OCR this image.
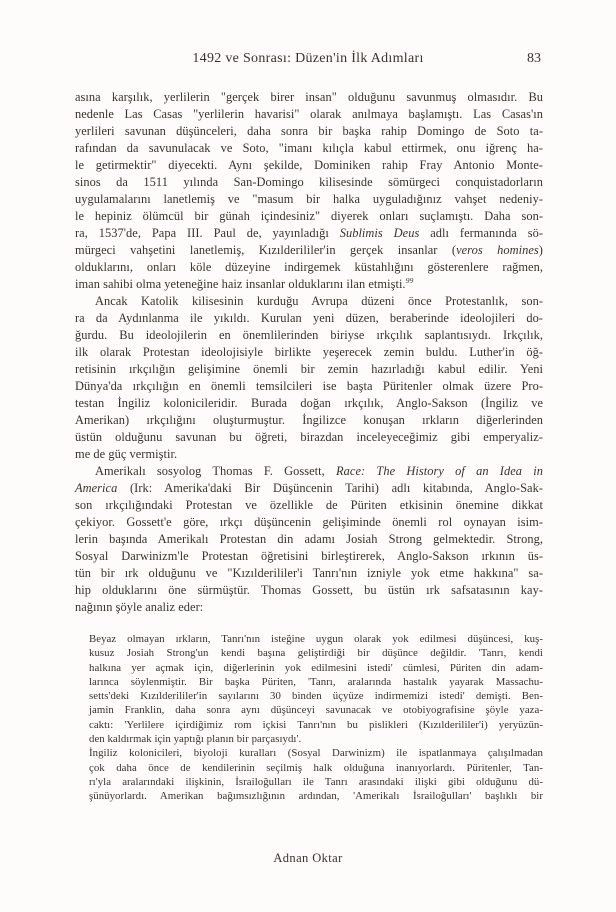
1492 ve Sonrası: Düzen'in İlk Adımları	83
asına karşılık, yerlilerin "gerçek birer insan" olduğunu savunmuş olmasıdır. Bu
nedenle Las Casas "yerlilerin havarisi" olarak anılmaya başlamıştı. Las Casas'ın
yerlileri savunan düşünceleri, daha sonra bir başka rahip Domingo de Soto ta-
rafından da savunulacak ve Soto, "imanı kılıçla kabul ettirmek, onu iğrenç ha-
le getirmektir" diyecekti. Aynı şekilde, Dominiken rahip Fray Antonio Monte-
sinos da 1511 yılında San-Domingo kilisesinde sömürgeci conquistadorların
uygulamalarını lanetlemiş ve "masum bir halka uyguladığınız vahşet nedeniy-
le hepiniz ölümcül bir günah içindesiniz" diyerek onları suçlamıştı. Daha son-
ra, 1537'de, Papa III. Paul de, yayınladığı Sublimis Deus adlı fermanında sö-
mürgeci vahşetini lanetlemiş, Kızılderililer'in gerçek insanlar (veros homines)
olduklarını, onları köle düzeyine indirgemek küstahlığını gösterenlere rağmen,
iman sahibi olma yeteneğine haiz insanlar olduklarını ilan etmişti.$^{99}$
Ancak Katolik kilisesinin kurduğu Avrupa düzeni önce Protestanlık, son-
ra da Aydınlanma ile yıkıldı. Kurulan yeni düzen, beraberinde ideolojileri do-
ğurdu. Bu ideolojilerin en önemlilerinden biriyse ırkçılık saplantısıydı. Irkçılık,
ilk olarak Protestan ideolojisiyle birlikte yeşerecek zemin buldu. Luther'in öğ-
retisinin ırkçılığın gelişimine önemli bir zemin hazırladığı kabul edilir. Yeni
Dünya'da ırkçılığın en önemli temsilcileri ise başta Püritenler olmak üzere Pro-
testan İngiliz kolonicileridir. Burada doğan ırkçılık, Anglo-Sakson (İngiliz ve
Amerikan) ırkçılığını oluşturmuştur. İngilizce konuşan ırkların diğerlerinden
üstün olduğunu savunan bu öğreti, birazdan inceleyeceğimiz gibi emperyaliz-
me de güç vermiştir.
Amerikalı sosyolog Thomas F. Gossett, Race: The History of an Idea in
America (Irk: Amerika'daki Bir Düşüncenin Tarihi) adlı kitabında, Anglo-Sak-
son ırkçılığındaki Protestan ve özellikle de Püriten etkisinin önemine dikkat
çekiyor. Gossett'e göre, ırkçı düşüncenin gelişiminde önemli rol oynayan isim-
lerin başında Amerikalı Protestan din adamı Josiah Strong gelmektedir. Strong,
Sosyal Darwinizm'le Protestan öğretisini birleştirerek, Anglo-Sakson ırkının üs-
tün bir ırk olduğunu ve "Kızılderililer'i Tanrı'nın izniyle yok etme hakkına" sa-
hip olduklarını öne sürmüştür. Thomas Gossett, bu üstün ırk safsatasının kay-
nağının şöyle analiz eder:
Beyaz olmayan ırkların, Tanrı'nın isteğine uygun olarak yok edilmesi düşüncesi, kuş-
kusuz Josiah Strong'un kendi başına geliştirdiği bir düşünce değildir. 'Tanrı, kendi
halkına yer açmak için, diğerlerinin yok edilmesini istedi' cümlesi, Püriten din adam-
larınca söylenmiştir. Bir başka Püriten, 'Tanrı, aralarında hastalık yayarak Massachu-
setts'deki Kızılderililer'in sayılarını 30 binden üçyüze indirmemizi istedi' demişti. Ben-
jamin Franklin, daha sonra aynı düşünceyi savunacak ve otobiyografisine şöyle yaza-
caktı: 'Yerlilere içirdiğimiz rom içkisi Tanrı'nın bu pislikleri (Kızılderililer'i) yeryüzün-
den kaldırmak için yaptığı planın bir parçasıydı'.
İngiliz kolonicileri, biyoloji kuralları (Sosyal Darwinizm) ile ispatlanmaya çalışılmadan
çok daha önce de kendilerinin seçilmiş halk olduğuna inanıyorlardı. Püritenler, Tan-
rı'yla aralarındaki ilişkinin, İsrailoğulları ile Tanrı arasındaki ilişki gibi olduğunu dü-
şünüyorlardı. Amerikan bağımsızlığının ardından, 'Amerikalı İsrailoğulları' başlıklı bir
Adnan Oktar
